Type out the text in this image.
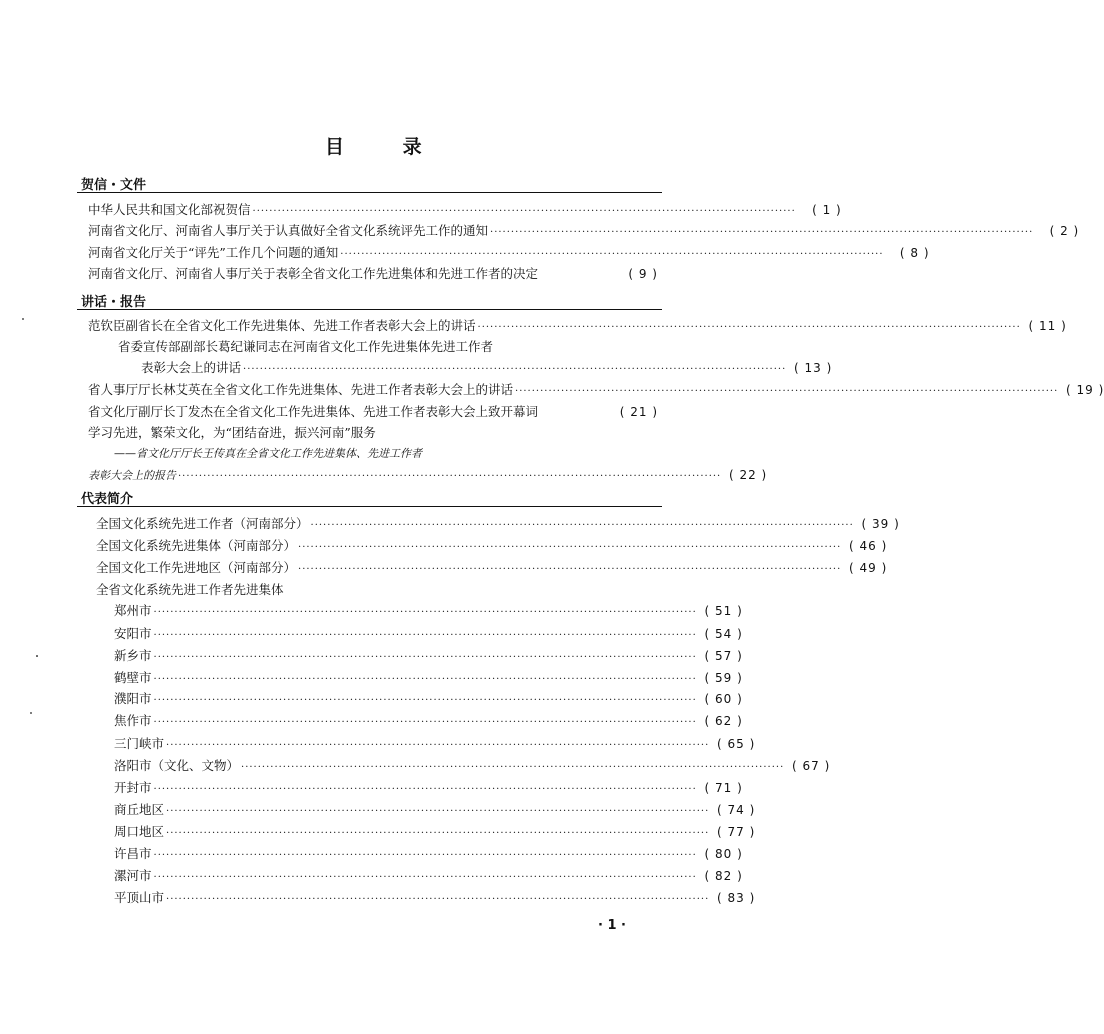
目 录
贺信・文件
中华人民共和国文化部祝贺信 ··································································································································	( 1 )
河南省文化厅、河南省人事厅关于认真做好全省文化系统评先工作的通知 ··································································································································	( 2 )
河南省文化厅关于“评先”工作几个问题的通知 ··································································································································	( 8 )
河南省文化厅、河南省人事厅关于表彰全省文化工作先进集体和先进工作者的决定	( 9 )
讲话・报告
范钦臣副省长在全省文化工作先进集体、先进工作者表彰大会上的讲话 ·································································································································· ( 11 )
省委宣传部副部长葛纪谦同志在河南省文化工作先进集体先进工作者
表彰大会上的讲话 ·································································································································· ( 13 )
省人事厅厅长林艾英在全省文化工作先进集体、先进工作者表彰大会上的讲话 ·································································································································· ( 19 )
省文化厅副厅长丁发杰在全省文化工作先进集体、先进工作者表彰大会上致开幕词	( 21 )
学习先进，繁荣文化，为“团结奋进，振兴河南”服务
——省文化厅厅长王传真在全省文化工作先进集体、先进工作者
表彰大会上的报告 ·································································································································· ( 22 )
代表简介
全国文化系统先进工作者（河南部分） ·································································································································· ( 39 )
全国文化系统先进集体（河南部分） ·································································································································· ( 46 )
全国文化工作先进地区（河南部分） ·································································································································· ( 49 )
全省文化系统先进工作者先进集体
郑州市 ·································································································································· ( 51 )
安阳市 ·································································································································· ( 54 )
新乡市 ·································································································································· ( 57 )
鹤壁市 ·································································································································· ( 59 )
濮阳市 ·································································································································· ( 60 )
焦作市 ·································································································································· ( 62 )
三门峡市 ·································································································································· ( 65 )
洛阳市（文化、文物） ·································································································································· ( 67 )
开封市 ·································································································································· ( 71 )
商丘地区 ·································································································································· ( 74 )
周口地区 ·································································································································· ( 77 )
许昌市 ·································································································································· ( 80 )
漯河市 ·································································································································· ( 82 )
平顶山市 ·································································································································· ( 83 )
· 1 ·
